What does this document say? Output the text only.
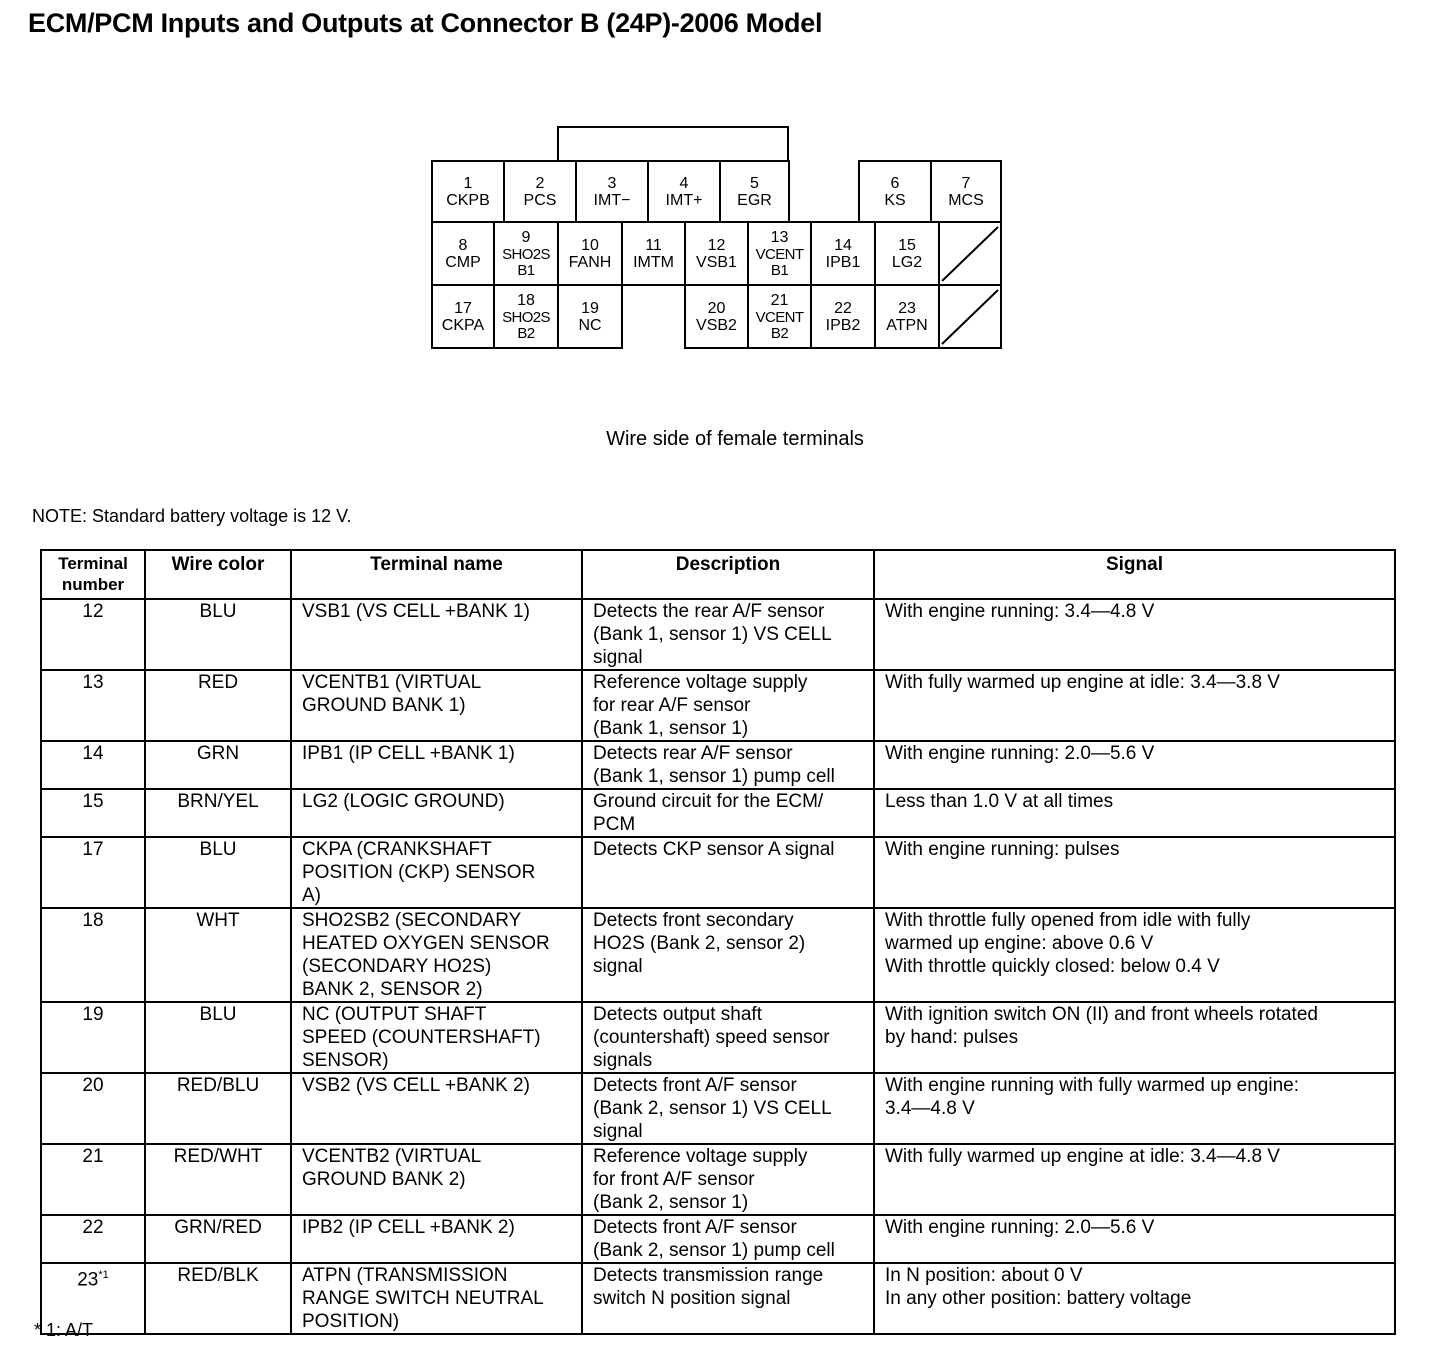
ECM/PCM Inputs and Outputs at Connector B (24P)-2006 Model
1
CKPB
2
PCS
3
IMT−
4
IMT+
5
EGR
6
KS
7
MCS
8
CMP
9
SHO2S
B1
10
FANH
11
IMTM
12
VSB1
13
VCENT
B1
14
IPB1
15
LG2
17
CKPA
18
SHO2S
B2
19
NC
20
VSB2
21
VCENT
B2
22
IPB2
23
ATPN
Wire side of female terminals
NOTE: Standard battery voltage is 12 V.
Terminal
number	Wire color	Terminal name	Description	Signal
12	BLU	VSB1 (VS CELL +BANK 1)	Detects the rear A/F sensor
(Bank 1, sensor 1) VS CELL
signal	With engine running: 3.4—4.8 V
13	RED	VCENTB1 (VIRTUAL
GROUND BANK 1)	Reference voltage supply
for rear A/F sensor
(Bank 1, sensor 1)	With fully warmed up engine at idle: 3.4—3.8 V
14	GRN	IPB1 (IP CELL +BANK 1)	Detects rear A/F sensor
(Bank 1, sensor 1) pump cell	With engine running: 2.0—5.6 V
15	BRN/YEL	LG2 (LOGIC GROUND)	Ground circuit for the ECM/
PCM	Less than 1.0 V at all times
17	BLU	CKPA (CRANKSHAFT
POSITION (CKP) SENSOR
A)	Detects CKP sensor A signal	With engine running: pulses
18	WHT	SHO2SB2 (SECONDARY
HEATED OXYGEN SENSOR
(SECONDARY HO2S)
BANK 2, SENSOR 2)	Detects front secondary
HO2S (Bank 2, sensor 2)
signal	With throttle fully opened from idle with fully
warmed up engine: above 0.6 V
With throttle quickly closed: below 0.4 V
19	BLU	NC (OUTPUT SHAFT
SPEED (COUNTERSHAFT)
SENSOR)	Detects output shaft
(countershaft) speed sensor
signals	With ignition switch ON (II) and front wheels rotated
by hand: pulses
20	RED/BLU	VSB2 (VS CELL +BANK 2)	Detects front A/F sensor
(Bank 2, sensor 1) VS CELL
signal	With engine running with fully warmed up engine:
3.4—4.8 V
21	RED/WHT	VCENTB2 (VIRTUAL
GROUND BANK 2)	Reference voltage supply
for front A/F sensor
(Bank 2, sensor 1)	With fully warmed up engine at idle: 3.4—4.8 V
22	GRN/RED	IPB2 (IP CELL +BANK 2)	Detects front A/F sensor
(Bank 2, sensor 1) pump cell	With engine running: 2.0—5.6 V
23$^{*1}$	RED/BLK	ATPN (TRANSMISSION
RANGE SWITCH NEUTRAL
POSITION)	Detects transmission range
switch N position signal	In N position: about 0 V
In any other position: battery voltage
* 1: A/T
